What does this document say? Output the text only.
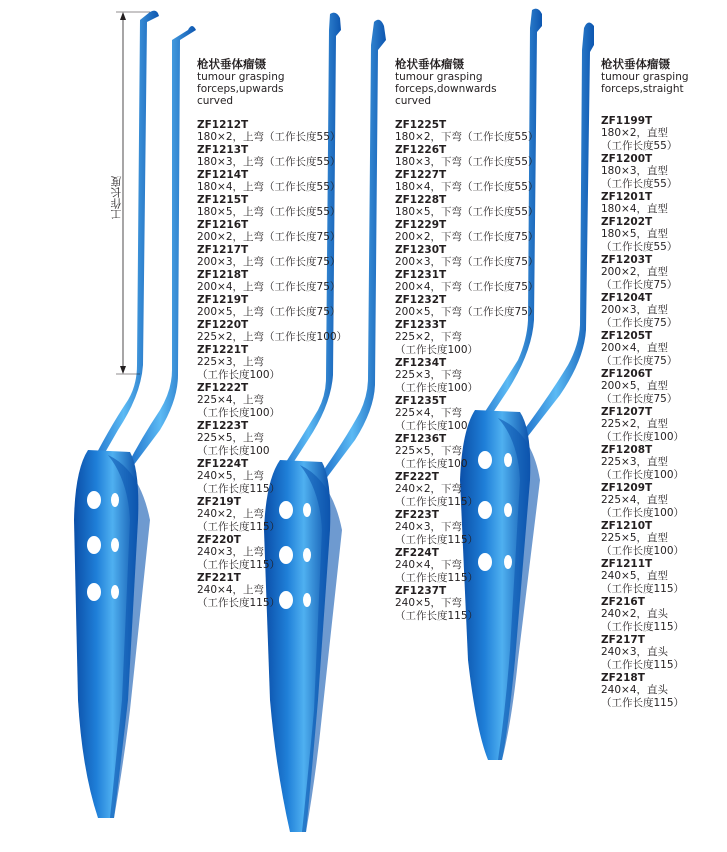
工作长度
枪状垂体瘤镊
tumour grasping
forceps,upwards
curved
ZF1212T
180×2，上弯（工作长度55）
ZF1213T
180×3，上弯（工作长度55）
ZF1214T
180×4，上弯（工作长度55）
ZF1215T
180×5，上弯（工作长度55）
ZF1216T
200×2，上弯（工作长度75）
ZF1217T
200×3，上弯（工作长度75）
ZF1218T
200×4，上弯（工作长度75）
ZF1219T
200×5，上弯（工作长度75）
ZF1220T
225×2，上弯（工作长度100）
ZF1221T
225×3，上弯
（工作长度100）
ZF1222T
225×4，上弯
（工作长度100）
ZF1223T
225×5，上弯
（工作长度100
ZF1224T
240×5，上弯
（工作长度115）
ZF219T
240×2，上弯
（工作长度115）
ZF220T
240×3，上弯
（工作长度115）
ZF221T
240×4，上弯
（工作长度115）
枪状垂体瘤镊
tumour grasping
forceps,downwards
curved
ZF1225T
180×2，下弯（工作长度55）
ZF1226T
180×3，下弯（工作长度55）
ZF1227T
180×4，下弯（工作长度55）
ZF1228T
180×5，下弯（工作长度55）
ZF1229T
200×2，下弯（工作长度75）
ZF1230T
200×3，下弯（工作长度75）
ZF1231T
200×4，下弯（工作长度75）
ZF1232T
200×5，下弯（工作长度75）
ZF1233T
225×2，下弯
（工作长度100）
ZF1234T
225×3，下弯
（工作长度100）
ZF1235T
225×4，下弯
（工作长度100
ZF1236T
225×5，下弯
（工作长度100
ZF222T
240×2，下弯
（工作长度115）
ZF223T
240×3，下弯
（工作长度115）
ZF224T
240×4，下弯
（工作长度115）
ZF1237T
240×5，下弯
（工作长度115）
枪状垂体瘤镊
tumour grasping
forceps,straight
ZF1199T
180×2，直型
（工作长度55）
ZF1200T
180×3，直型
（工作长度55）
ZF1201T
180×4，直型
ZF1202T
180×5，直型
（工作长度55）
ZF1203T
200×2，直型
（工作长度75）
ZF1204T
200×3，直型
（工作长度75）
ZF1205T
200×4，直型
（工作长度75）
ZF1206T
200×5，直型
（工作长度75）
ZF1207T
225×2，直型
（工作长度100）
ZF1208T
225×3，直型
（工作长度100）
ZF1209T
225×4，直型
（工作长度100）
ZF1210T
225×5，直型
（工作长度100）
ZF1211T
240×5，直型
（工作长度115）
ZF216T
240×2，直头
（工作长度115）
ZF217T
240×3，直头
（工作长度115）
ZF218T
240×4，直头
（工作长度115）
